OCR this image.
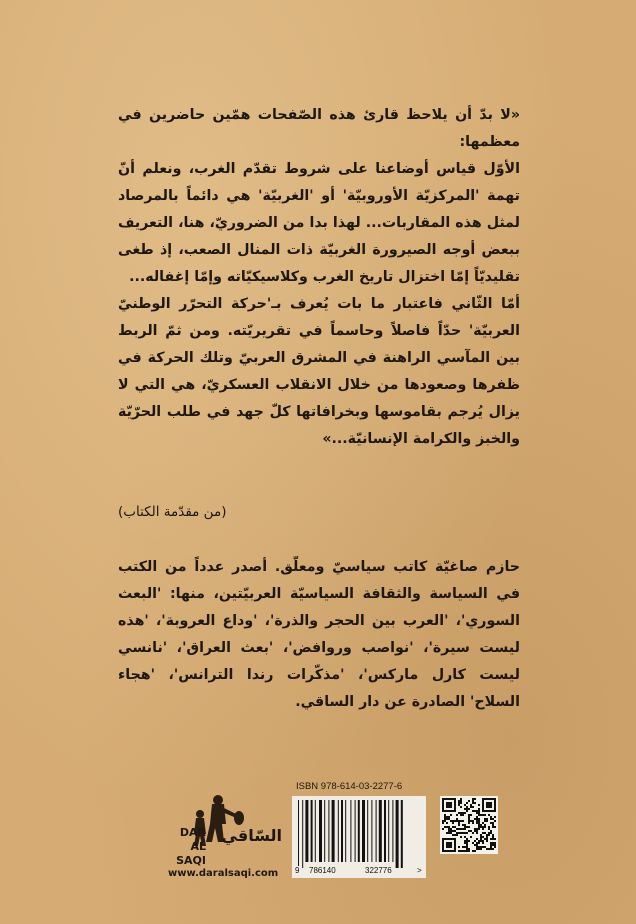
«لا بدّ أن يلاحظ قارئ هذه الصّفحات همّين حاضرين في معظمها:

الأوّل قياس أوضاعنا على شروط تقدّم الغرب، ونعلم أنّ تهمة 'المركزيّة الأوروبيّة' أو 'الغربيّة' هي دائماً بالمرصاد لمثل هذه المقاربات... لهذا بدا من الضروريّ، هنا، التعريف ببعض أوجه الصيرورة الغربيّة ذات المنال الصعب، إذ طغى تقليديّاً إمّا اختزال تاريخ الغرب وكلاسيكيّاته وإمّا إغفاله...

أمّا الثّاني فاعتبار ما بات يُعرف بـ'حركة التحرّر الوطنيّ العربيّة' حدّاً فاصلاً وحاسماً في تقريريّته. ومن ثمّ الربط بين المآسي الراهنة في المشرق العربيّ وتلك الحركة في ظفرها وصعودها من خلال الانقلاب العسكريّ، هي التي لا يزال يُرجم بقاموسها وبخرافاتها كلّ جهد في طلب الحرّيّة والخبز والكرامة الإنسانيّة...»

(من مقدّمة الكتاب)

حازم صاغيّة كاتب سياسيّ ومعلّق. أصدر عدداً من الكتب في السياسة والثقافة السياسيّة العربيّتين، منها: 'البعث السوري'، 'العرب بين الحجر والذرة'، 'وداع العروبة'، 'هذه ليست سيرة'، 'نواصب وروافض'، 'بعث العراق'، 'نانسي ليست كارل ماركس'، 'مذكّرات رندا الترانس'، 'هجاء السلاح' الصادرة عن دار الساقي.

DAR
AL SAQI
السّاقي
www.daralsaqi.com
ISBN 978-614-03-2277-6
9 786140	322776	>
